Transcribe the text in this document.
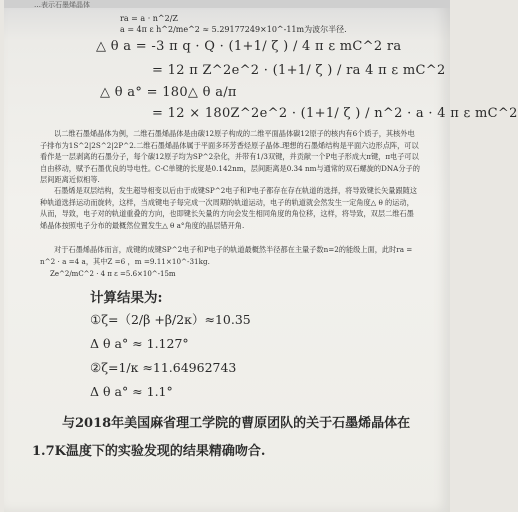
…表示石墨烯晶体
ra = a · n^2/Z
a = 4π ε h^2/me^2 ≈ 5.29177249×10^-11m为波尔半径.
△ θ a = -3 π q · Q · (1+1/ ζ ) / 4 π ε mC^2 ra
= 12 π Z^2e^2 · (1+1/ ζ ) / ra 4 π ε mC^2
△ θ a° = 180△ θ a/π
= 12 × 180Z^2e^2 · (1+1/ ζ ) / n^2 · a · 4 π ε mC^2
以二维石墨烯晶体为例，二维石墨烯晶体是由碳12原子构成的二维平面晶体碳12原子的核内有6个质子，其核外电子排布为1S^2|2S^2|2P^2.二维石墨烯晶体属于平面多环芳香烃原子晶体.理想的石墨烯结构是平面六边形点阵，可以看作是一层剥离的石墨分子，每个碳12原子均为SP^2杂化，并带有1/3双键，并贡献一个P电子形成大π键，π电子可以自由移动，赋予石墨优良的导电性。C-C单键的长度是0.142nm，层间距离是0.34 nm与通常的双石螺旋的DNA分子的层间距离近似相等.
石墨烯是双层结构，发生超导相变以后由于成键SP^2电子和P电子都存在存在轨道的选择，将导致键长矢量跟随这种轨道选择运动而旋转，这样，当成键电子每完成一次周期的轨道运动，电子的轨道就会然发生一定角度△ θ 的运动，从而，导致，电子对的轨道重叠的方向，也即键长矢量的方向会发生相同角度的角位移，这样，将导致，双层二维石墨烯晶体按照电子分布的最概然位置发生△ θ a°角度的晶层错开角.
对于石墨烯晶体而言，成键的成键SP^2电子和P电子的轨道最概然半径都在主量子数n=2的能级上面，此时ra = n^2 · a =4 a，其中Z =6 ，m =9.11×10^-31kg.
Ze^2/mC^2 · 4 π ε =5.6×10^-15m
计算结果为:
①ζ=（2/β +β/2κ）≈10.35
Δ θ a° ≈ 1.127°
②ζ=1/κ ≈11.64962743
Δ θ a° ≈ 1.1°
与2018年美国麻省理工学院的曹原团队的关于石墨烯晶体在
1.7K温度下的实验发现的结果精确吻合.
